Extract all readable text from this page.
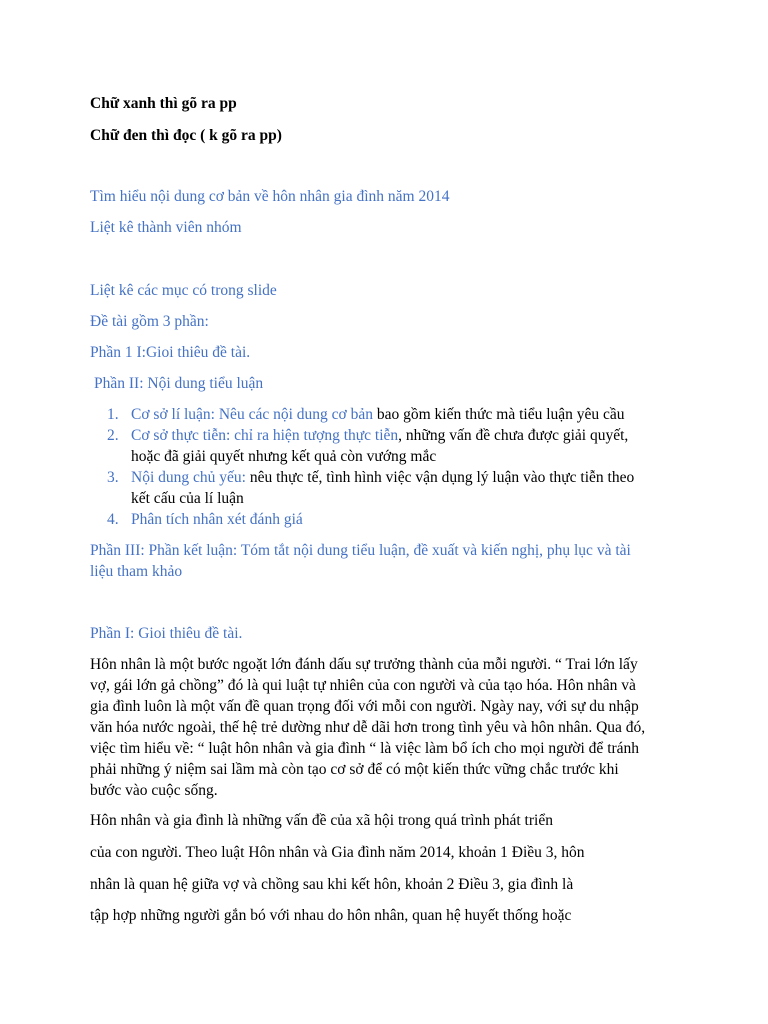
Chữ xanh thì gõ ra pp

Chữ đen thì đọc ( k gõ ra pp)

Tìm hiểu nội dung cơ bản về hôn nhân gia đình năm 2014

Liệt kê thành viên nhóm

Liệt kê các mục có trong slide

Đề tài gồm 3 phần:

Phần 1 I:Gioi thiêu đề tài.

Phần II: Nội dung tiểu luận

1. Cơ sở lí luận: Nêu các nội dung cơ bản bao gồm kiến thức mà tiểu luận yêu cầu
2. Cơ sở thực tiễn: chỉ ra hiện tượng thực tiễn, những vấn đề chưa được giải quyết,
hoặc đã giải quyết nhưng kết quả còn vướng mắc
3. Nội dung chủ yếu: nêu thực tế, tình hình việc vận dụng lý luận vào thực tiễn theo
kết cấu của lí luận
4. Phân tích nhân xét đánh giá

Phần III: Phần kết luận: Tóm tắt nội dung tiểu luận, đề xuất và kiến nghị, phụ lục và tài

liệu tham khảo

Phần I: Gioi thiêu đề tài.

Hôn nhân là một bước ngoặt lớn đánh dấu sự trưởng thành của mỗi người. “ Trai lớn lấy

vợ, gái lớn gả chồng” đó là qui luật tự nhiên của con người và của tạo hóa. Hôn nhân và

gia đình luôn là một vấn đề quan trọng đối với mỗi con người. Ngày nay, với sự du nhập

văn hóa nước ngoài, thế hệ trẻ dường như dễ dãi hơn trong tình yêu và hôn nhân. Qua đó,

việc tìm hiểu về: “ luật hôn nhân và gia đình “ là việc làm bổ ích cho mọi người để tránh

phải những ý niệm sai lầm mà còn tạo cơ sở để có một kiến thức vững chắc trước khi

bước vào cuộc sống.

Hôn nhân và gia đình là những vấn đề của xã hội trong quá trình phát triển

của con người. Theo luật Hôn nhân và Gia đình năm 2014, khoản 1 Điều 3, hôn

nhân là quan hệ giữa vợ và chồng sau khi kết hôn, khoản 2 Điều 3, gia đình là

tập hợp những người gắn bó với nhau do hôn nhân, quan hệ huyết thống hoặc
